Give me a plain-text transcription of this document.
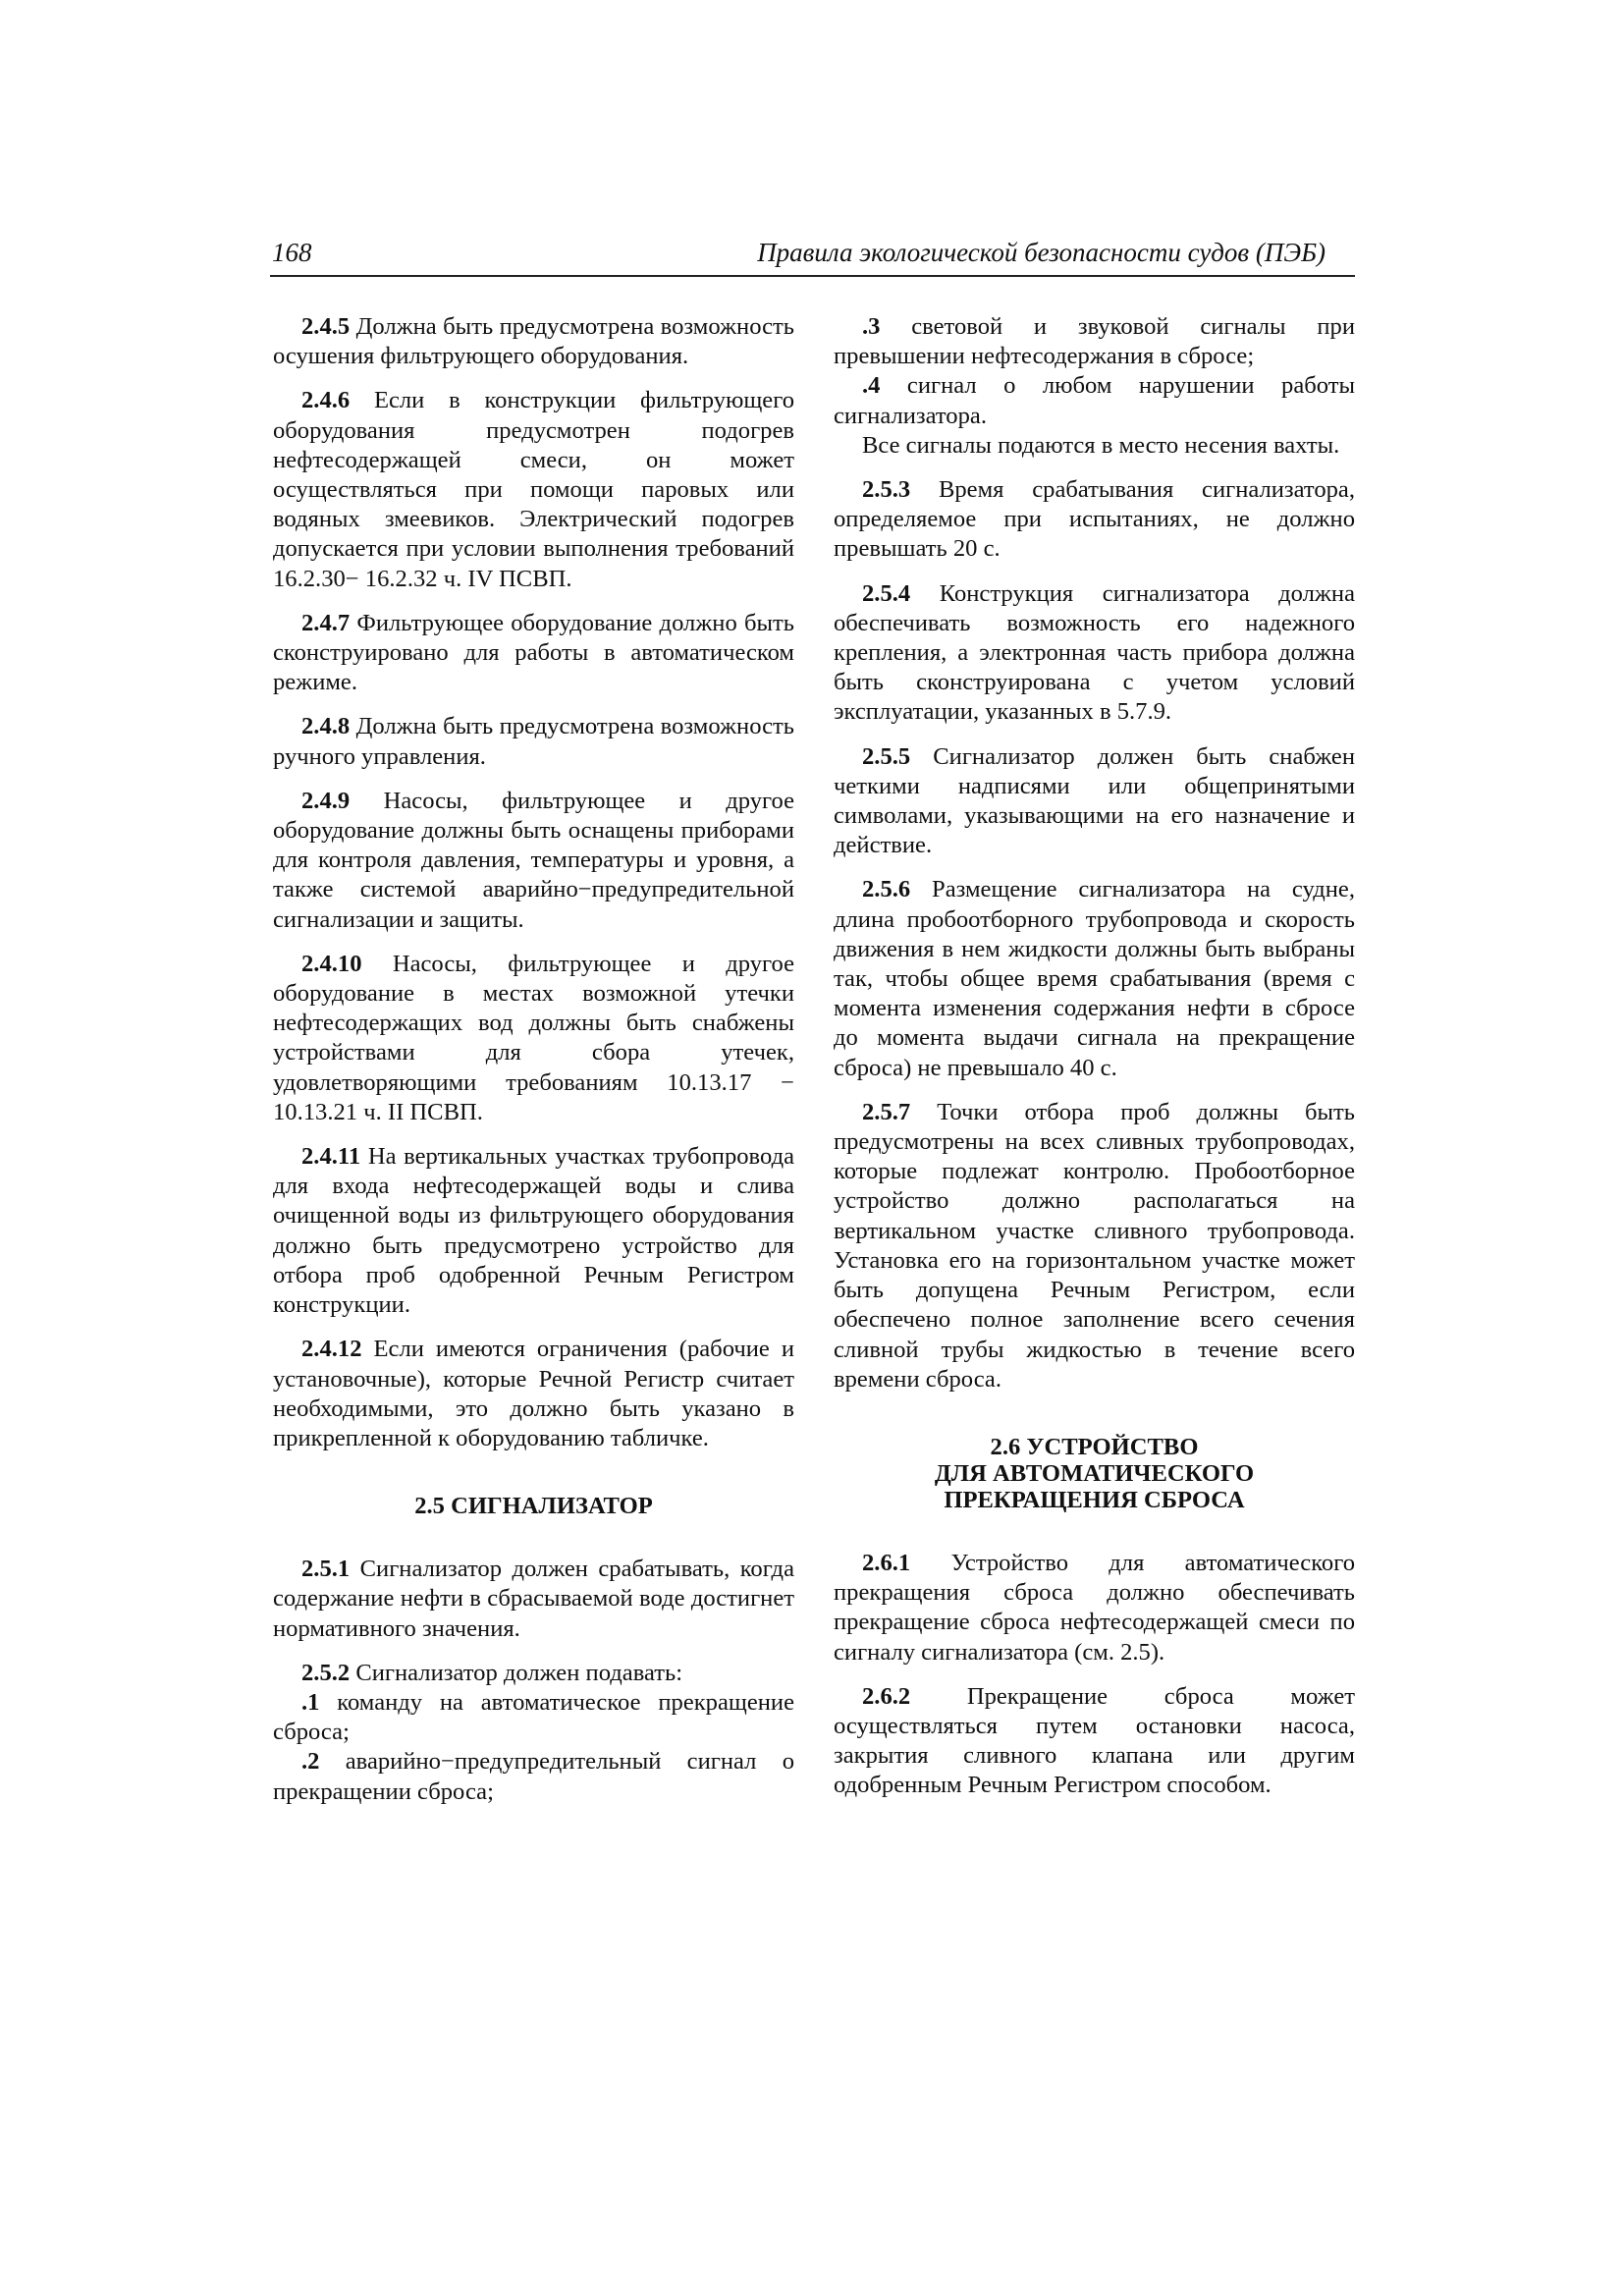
168	Правила экологической безопасности судов (ПЭБ)

2.4.5 Должна быть предусмотрена возможность осушения фильтрующего оборудования.

2.4.6 Если в конструкции фильтрующего оборудования предусмотрен подогрев нефтесодержащей смеси, он может осуществляться при помощи паровых или водяных змеевиков. Электрический подогрев допускается при условии выполнения требований 16.2.30− 16.2.32 ч. IV ПСВП.

2.4.7 Фильтрующее оборудование должно быть сконструировано для работы в автоматическом режиме.

2.4.8 Должна быть предусмотрена возможность ручного управления.

2.4.9 Насосы, фильтрующее и другое оборудование должны быть оснащены приборами для контроля давления, температуры и уровня, а также системой аварийно−предупредительной сигнализации и защиты.

2.4.10 Насосы, фильтрующее и другое оборудование в местах возможной утечки нефтесодержащих вод должны быть снабжены устройствами для сбора утечек, удовлетворяющими требованиям 10.13.17 − 10.13.21 ч. II ПСВП.

2.4.11 На вертикальных участках трубопровода для входа нефтесодержащей воды и слива очищенной воды из фильтрующего оборудования должно быть предусмотрено устройство для отбора проб одобренной Речным Регистром конструкции.

2.4.12 Если имеются ограничения (рабочие и установочные), которые Речной Регистр считает необходимыми, это должно быть указано в прикрепленной к оборудованию табличке.

2.5 СИГНАЛИЗАТОР

2.5.1 Сигнализатор должен срабатывать, когда содержание нефти в сбрасываемой воде достигнет нормативного значения.

2.5.2 Сигнализатор должен подавать:

.1 команду на автоматическое прекращение сброса;

.2 аварийно−предупредительный сигнал о прекращении сброса;

.3 световой и звуковой сигналы при превышении нефтесодержания в сбросе;

.4 сигнал о любом нарушении работы сигнализатора.

Все сигналы подаются в место несения вахты.

2.5.3 Время срабатывания сигнализатора, определяемое при испытаниях, не должно превышать 20 с.

2.5.4 Конструкция сигнализатора должна обеспечивать возможность его надежного крепления, а электронная часть прибора должна быть сконструирована с учетом условий эксплуатации, указанных в 5.7.9.

2.5.5 Сигнализатор должен быть снабжен четкими надписями или общепринятыми символами, указывающими на его назначение и действие.

2.5.6 Размещение сигнализатора на судне, длина пробоотборного трубопровода и скорость движения в нем жидкости должны быть выбраны так, чтобы общее время срабатывания (время с момента изменения содержания нефти в сбросе до момента выдачи сигнала на прекращение сброса) не превышало 40 с.

2.5.7 Точки отбора проб должны быть предусмотрены на всех сливных трубопроводах, которые подлежат контролю. Пробоотборное устройство должно располагаться на вертикальном участке сливного трубопровода. Установка его на горизонтальном участке может быть допущена Речным Регистром, если обеспечено полное заполнение всего сечения сливной трубы жидкостью в течение всего времени сброса.

2.6 УСТРОЙСТВО
ДЛЯ АВТОМАТИЧЕСКОГО
ПРЕКРАЩЕНИЯ СБРОСА

2.6.1 Устройство для автоматического прекращения сброса должно обеспечивать прекращение сброса нефтесодержащей смеси по сигналу сигнализатора (см. 2.5).

2.6.2 Прекращение сброса может осуществляться путем остановки насоса, закрытия сливного клапана или другим одобренным Речным Регистром способом.
